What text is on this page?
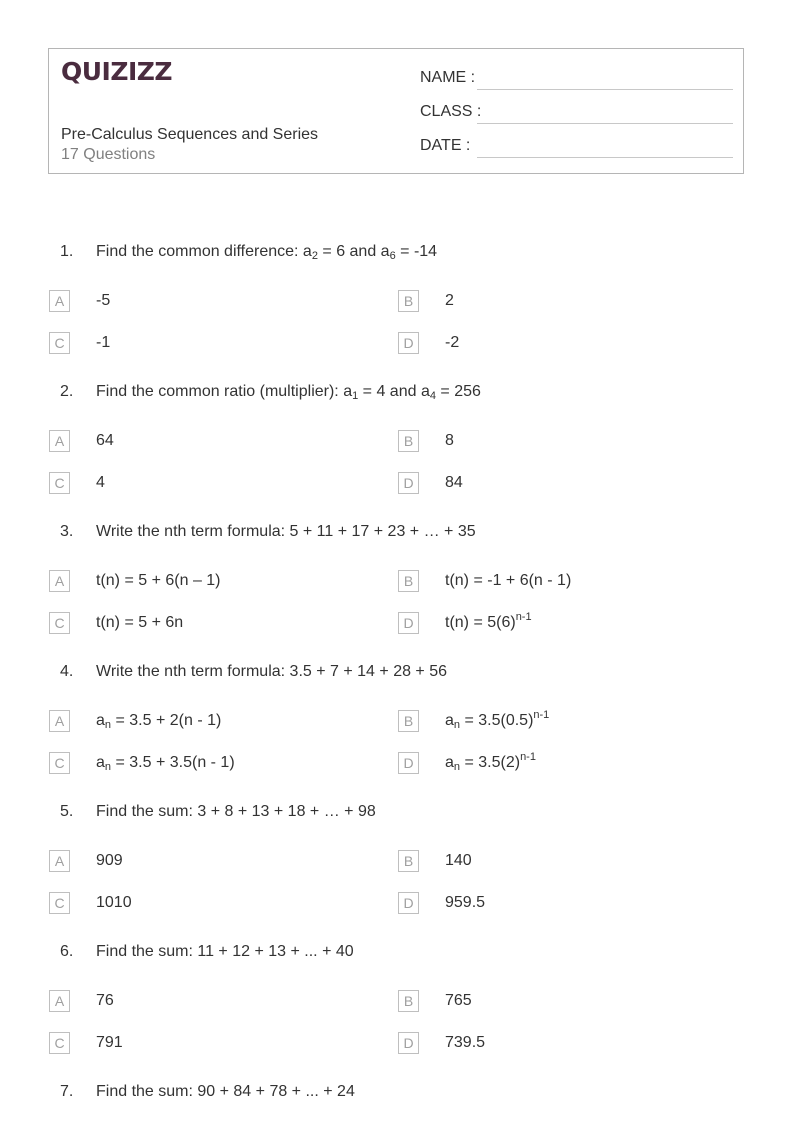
QUIZIZZ
Pre-Calculus Sequences and Series
17 Questions
NAME :
CLASS :
DATE :
1. Find the common difference: $a_2 = 6$ and $a_6 = -14$
A	-5	B	2
C	-1	D	-2
2. Find the common ratio (multiplier): $a_1 = 4$ and $a_4 = 256$
A	64	B	8
C	4	D	84
3. Write the nth term formula: 5 + 11 + 17 + 23 + … + 35
A	t(n) = 5 + 6(n – 1)	B	t(n) = -1 + 6(n - 1)
C	t(n) = 5 + 6n	D	$t(n) = 5(6)^{n-1}$
4. Write the nth term formula: 3.5 + 7 + 14 + 28 + 56
A	$a_n = 3.5 + 2(n - 1)$	B	$a_n = 3.5(0.5)^{n-1}$
C	$a_n = 3.5 + 3.5(n - 1)$	D	$a_n = 3.5(2)^{n-1}$
5. Find the sum: 3 + 8 + 13 + 18 + … + 98
A	909	B	140
C	1010	D	959.5
6. Find the sum: 11 + 12 + 13 + ... + 40
A	76	B	765
C	791	D	739.5
7. Find the sum: 90 + 84 + 78 + ... + 24
